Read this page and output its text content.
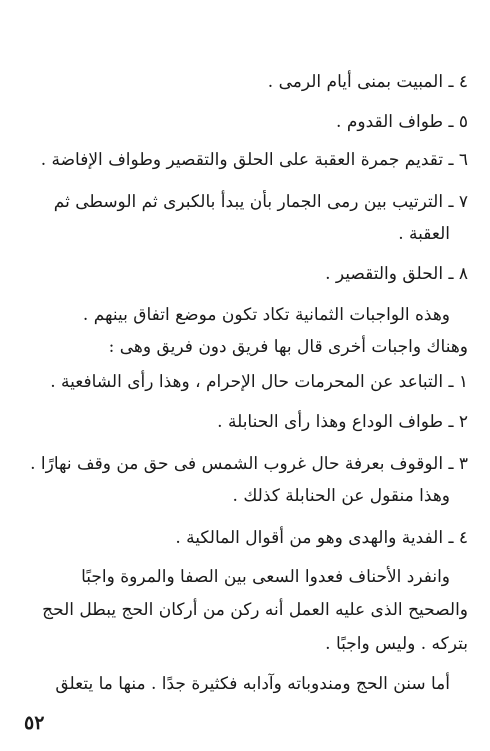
٤ ـ المبيت بمنى أيام الرمى .
٥ ـ طواف القدوم .
٦ ـ تقديم جمرة العقبة على الحلق والتقصير وطواف الإفاضة .
٧ ـ الترتيب بين رمى الجمار بأن يبدأ بالكبرى ثم الوسطى ثم
العقبة .
٨ ـ الحلق والتقصير .
وهذه الواجبات الثمانية تكاد تكون موضع اتفاق بينهم .
وهناك واجبات أخرى قال بها فريق دون فريق وهى :
١ ـ التباعد عن المحرمات حال الإحرام ، وهذا رأى الشافعية .
٢ ـ طواف الوداع وهذا رأى الحنابلة .
٣ ـ الوقوف بعرفة حال غروب الشمس فى حق من وقف نهارًا .
وهذا منقول عن الحنابلة كذلك .
٤ ـ الفدية والهدى وهو من أقوال المالكية .
وانفرد الأحناف فعدوا السعى بين الصفا والمروة واجبًا
والصحيح الذى عليه العمل أنه ركن من أركان الحج يبطل الحج
بتركه . وليس واجبًا .
أما سنن الحج ومندوباته وآدابه فكثيرة جدًا . منها ما يتعلق
٥٢
